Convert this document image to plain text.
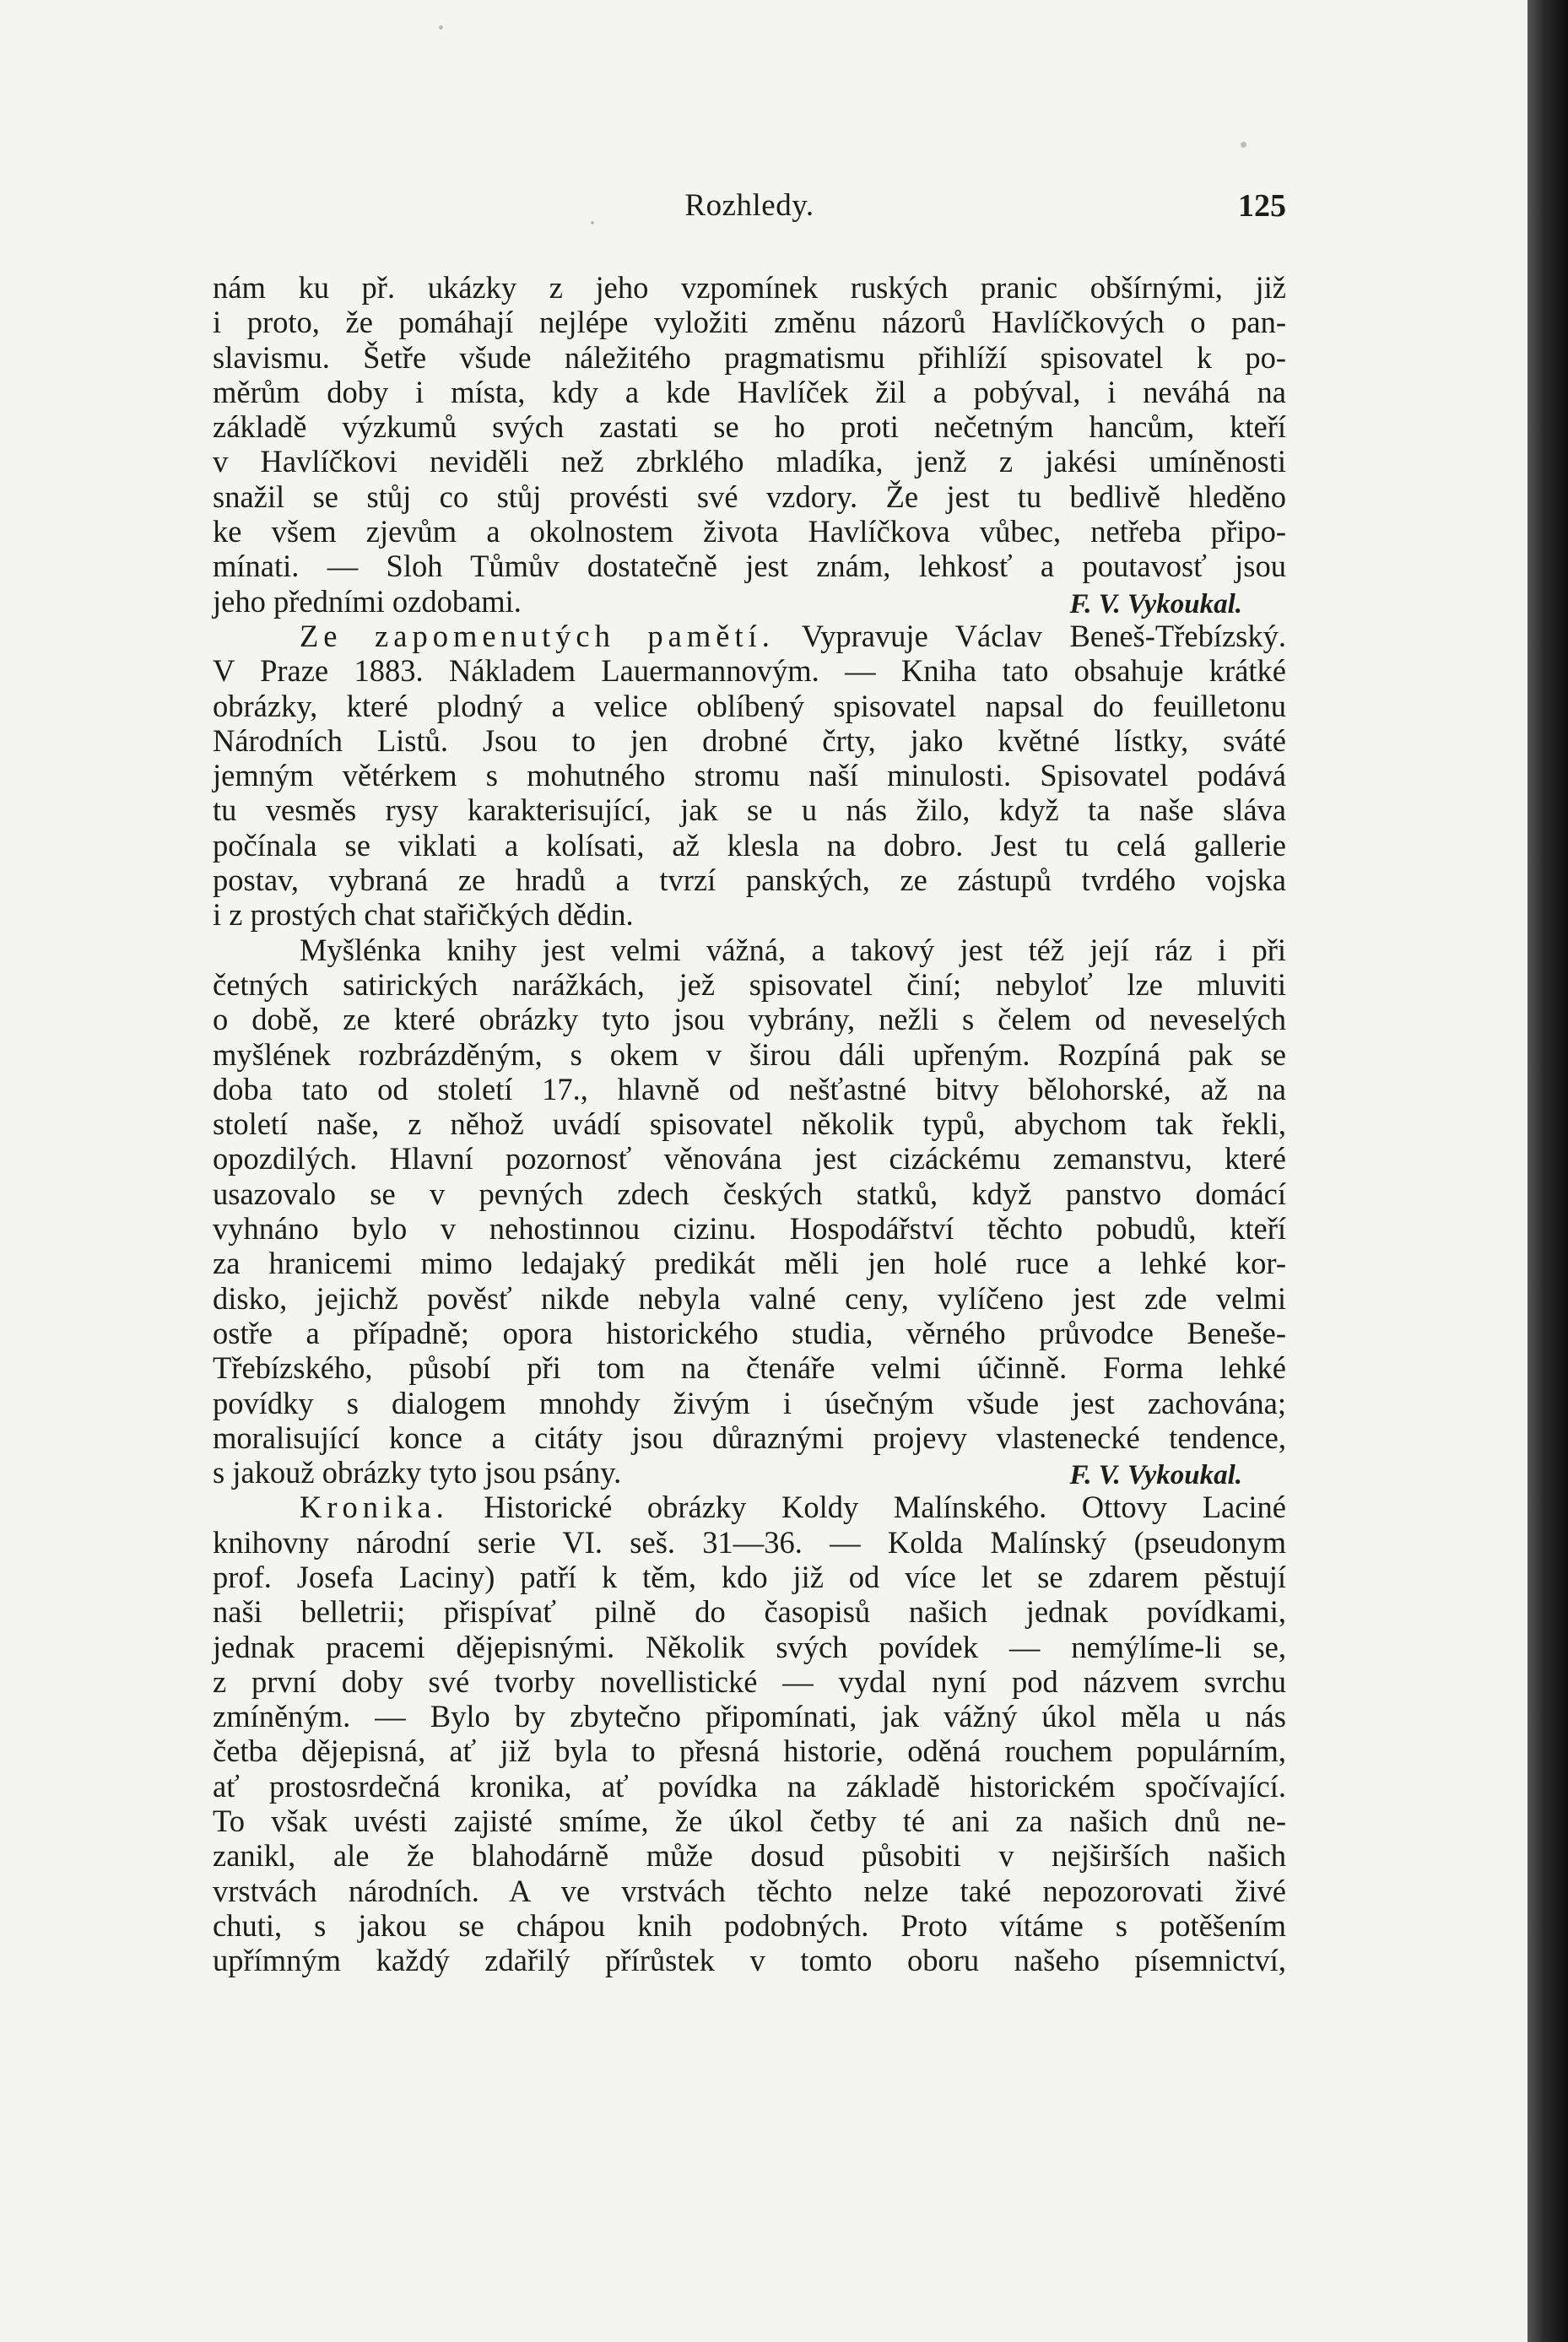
Rozhledy.	125
nám ku př. ukázky z jeho vzpomínek ruských pranic obšírnými, již
i proto, že pomáhají nejlépe vyložiti změnu názorů Havlíčkových o pan-
slavismu. Šetře všude náležitého pragmatismu přihlíží spisovatel k po-
měrům doby i místa, kdy a kde Havlíček žil a pobýval, i neváhá na
základě výzkumů svých zastati se ho proti nečetným hancům, kteří
v Havlíčkovi neviděli než zbrklého mladíka, jenž z jakési umíněnosti
snažil se stůj co stůj provésti své vzdory. Že jest tu bedlivě hleděno
ke všem zjevům a okolnostem života Havlíčkova vůbec, netřeba připo-
mínati. — Sloh Tůmův dostatečně jest znám, lehkosť a poutavosť jsou
jeho předními ozdobami.	F. V. Vykoukal.
Ze zapomenutých pamětí. Vypravuje Václav Beneš-Třebízský.
V Praze 1883. Nákladem Lauermannovým. — Kniha tato obsahuje krátké
obrázky, které plodný a velice oblíbený spisovatel napsal do feuilletonu
Národních Listů. Jsou to jen drobné črty, jako květné lístky, sváté
jemným větérkem s mohutného stromu naší minulosti. Spisovatel podává
tu vesměs rysy karakterisující, jak se u nás žilo, když ta naše sláva
počínala se viklati a kolísati, až klesla na dobro. Jest tu celá gallerie
postav, vybraná ze hradů a tvrzí panských, ze zástupů tvrdého vojska
i z prostých chat stařičkých dědin.
Myšlénka knihy jest velmi vážná, a takový jest též její ráz i při
četných satirických narážkách, jež spisovatel činí; nebyloť lze mluviti
o době, ze které obrázky tyto jsou vybrány, nežli s čelem od neveselých
myšlének rozbrázděným, s okem v širou dáli upřeným. Rozpíná pak se
doba tato od století 17., hlavně od nešťastné bitvy bělohorské, až na
století naše, z něhož uvádí spisovatel několik typů, abychom tak řekli,
opozdilých. Hlavní pozornosť věnována jest cizáckému zemanstvu, které
usazovalo se v pevných zdech českých statků, když panstvo domácí
vyhnáno bylo v nehostinnou cizinu. Hospodářství těchto pobudů, kteří
za hranicemi mimo ledajaký predikát měli jen holé ruce a lehké kor-
disko, jejichž pověsť nikde nebyla valné ceny, vylíčeno jest zde velmi
ostře a případně; opora historického studia, věrného průvodce Beneše-
Třebízského, působí při tom na čtenáře velmi účinně. Forma lehké
povídky s dialogem mnohdy živým i úsečným všude jest zachována;
moralisující konce a citáty jsou důraznými projevy vlastenecké tendence,
s jakouž obrázky tyto jsou psány.	F. V. Vykoukal.
Kronika. Historické obrázky Koldy Malínského. Ottovy Laciné
knihovny národní serie VI. seš. 31—36. — Kolda Malínský (pseudonym
prof. Josefa Laciny) patří k těm, kdo již od více let se zdarem pěstují
naši belletrii; přispívať pilně do časopisů našich jednak povídkami,
jednak pracemi dějepisnými. Několik svých povídek — nemýlíme-li se,
z první doby své tvorby novellistické — vydal nyní pod názvem svrchu
zmíněným. — Bylo by zbytečno připomínati, jak vážný úkol měla u nás
četba dějepisná, ať již byla to přesná historie, oděná rouchem populárním,
ať prostosrdečná kronika, ať povídka na základě historickém spočívající.
To však uvésti zajisté smíme, že úkol četby té ani za našich dnů ne-
zanikl, ale že blahodárně může dosud působiti v nejširších našich
vrstvách národních. A ve vrstvách těchto nelze také nepozorovati živé
chuti, s jakou se chápou knih podobných. Proto vítáme s potěšením
upřímným každý zdařilý přírůstek v tomto oboru našeho písemnictví,
